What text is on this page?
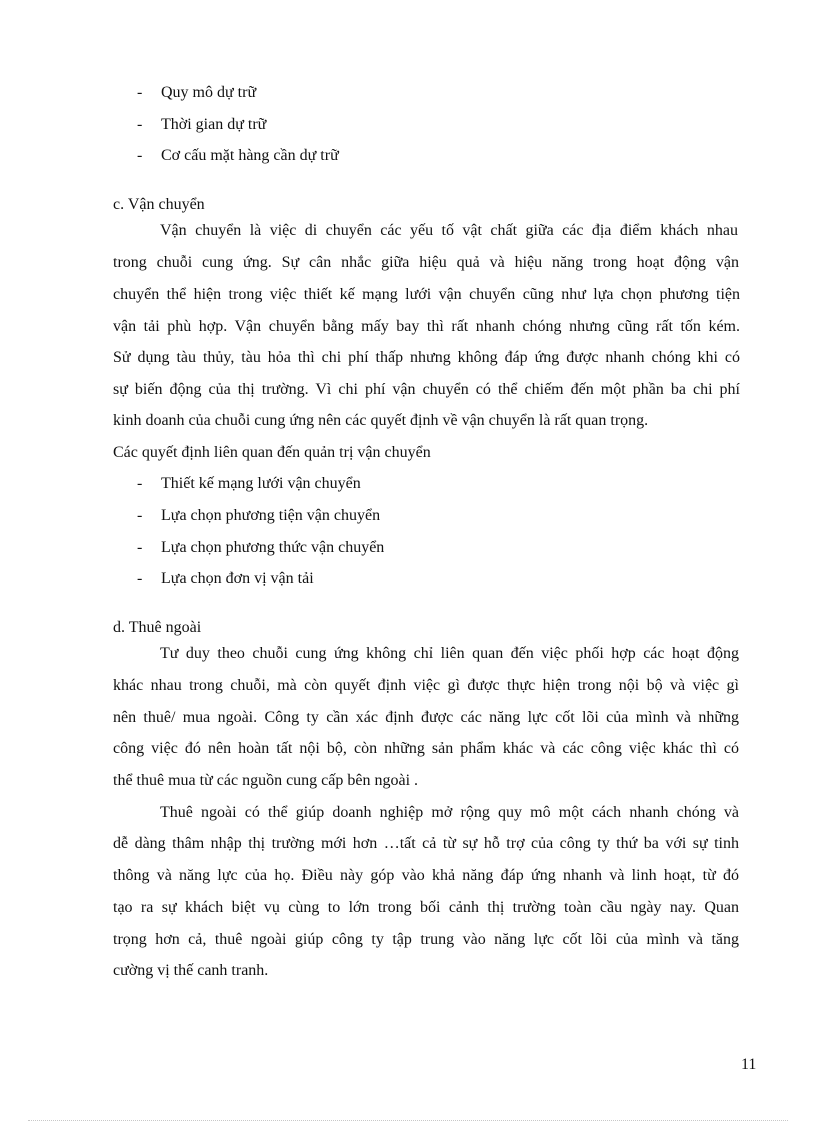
- Quy mô dự trữ
- Thời gian dự trữ
- Cơ cấu mặt hàng cần dự trữ
c. Vận chuyển
Vận chuyển là việc di chuyển các yếu tố vật chất giữa các địa điểm khách nhau
trong chuỗi cung ứng. Sự cân nhắc giữa hiệu quả và hiệu năng trong hoạt động vận
chuyển thể hiện trong việc thiết kế mạng lưới vận chuyển cũng như lựa chọn phương tiện
vận tải phù hợp. Vận chuyển bằng mấy bay thì rất nhanh chóng nhưng cũng rất tốn kém.
Sử dụng tàu thủy, tàu hỏa thì chi phí thấp nhưng không đáp ứng được nhanh chóng khi có
sự biến động của thị trường. Vì chi phí vận chuyển có thể chiếm đến một phần ba chi phí
kinh doanh của chuỗi cung ứng nên các quyết định về vận chuyển là rất quan trọng.
Các quyết định liên quan đến quản trị vận chuyển
- Thiết kế mạng lưới vận chuyển
- Lựa chọn phương tiện vận chuyển
- Lựa chọn phương thức vận chuyển
- Lựa chọn đơn vị vận tải
d. Thuê ngoài
Tư duy theo chuỗi cung ứng không chỉ liên quan đến việc phối hợp các hoạt động
khác nhau trong chuỗi, mà còn quyết định việc gì được thực hiện trong nội bộ và việc gì
nên thuê/ mua ngoài. Công ty cần xác định được các năng lực cốt lõi của mình và những
công việc đó nên hoàn tất nội bộ, còn những sản phẩm khác và các công việc khác thì có
thể thuê mua từ các nguồn cung cấp bên ngoài .
Thuê ngoài có thể giúp doanh nghiệp mở rộng quy mô một cách nhanh chóng và
dễ dàng thâm nhập thị trường mới hơn …tất cả từ sự hỗ trợ của công ty thứ ba với sự tinh
thông và năng lực của họ. Điều này góp vào khả năng đáp ứng nhanh và linh hoạt, từ đó
tạo ra sự khách biệt vụ cùng to lớn trong bối cảnh thị trường toàn cầu ngày nay. Quan
trọng hơn cả, thuê ngoài giúp công ty tập trung vào năng lực cốt lõi của mình và tăng
cường vị thế canh tranh.
11
